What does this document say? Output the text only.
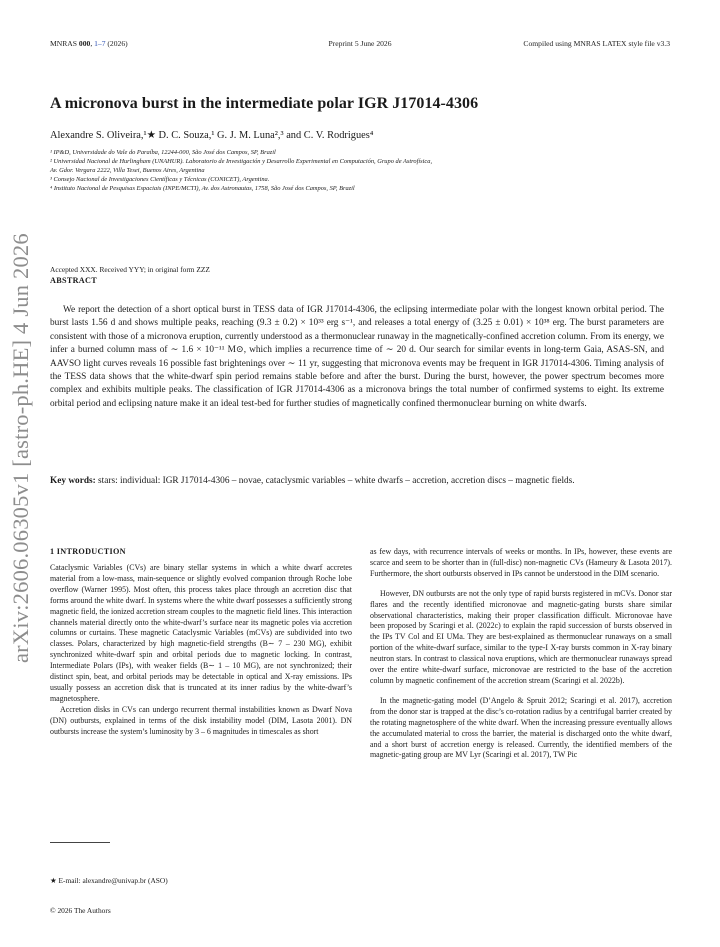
MNRAS 000, 1–7 (2026)	Preprint 5 June 2026	Compiled using MNRAS LATEX style file v3.3
A micronova burst in the intermediate polar IGR J17014-4306
Alexandre S. Oliveira,¹★ D. C. Souza,¹ G. J. M. Luna²,³ and C. V. Rodrigues⁴
¹ IP&D, Universidade do Vale do Paraíba, 12244-000, São José dos Campos, SP, Brazil
² Universidad Nacional de Hurlingham (UNAHUR). Laboratorio de Investigación y Desarrollo Experimental en Computación, Grupo de Astrofísica,
Av. Gdor. Vergara 2222, Villa Tesei, Buenos Aires, Argentina
³ Consejo Nacional de Investigaciones Científicas y Técnicas (CONICET), Argentina.
⁴ Instituto Nacional de Pesquisas Espaciais (INPE/MCTI), Av. dos Astronautas, 1758, São José dos Campos, SP, Brazil
Accepted XXX. Received YYY; in original form ZZZ
ABSTRACT
We report the detection of a short optical burst in TESS data of IGR J17014-4306, the eclipsing intermediate polar with the longest known orbital period. The burst lasts 1.56 d and shows multiple peaks, reaching (9.3 ± 0.2) × 10³³ erg s⁻¹, and releases a total energy of (3.25 ± 0.01) × 10³⁸ erg. The burst parameters are consistent with those of a micronova eruption, currently understood as a thermonuclear runaway in the magnetically-confined accretion column. From its energy, we infer a burned column mass of ∼ 1.6 × 10⁻¹¹ M⊙, which implies a recurrence time of ∼ 20 d. Our search for similar events in long-term Gaia, ASAS-SN, and AAVSO light curves reveals 16 possible fast brightenings over ∼ 11 yr, suggesting that micronova events may be frequent in IGR J17014-4306. Timing analysis of the TESS data shows that the white-dwarf spin period remains stable before and after the burst. During the burst, however, the power spectrum becomes more complex and exhibits multiple peaks. The classification of IGR J17014-4306 as a micronova brings the total number of confirmed systems to eight. Its extreme orbital period and eclipsing nature make it an ideal test-bed for further studies of magnetically confined thermonuclear burning on white dwarfs.
Key words: stars: individual: IGR J17014-4306 – novae, cataclysmic variables – white dwarfs – accretion, accretion discs – magnetic fields.
arXiv:2606.06305v1 [astro-ph.HE] 4 Jun 2026 1 INTRODUCTION

Cataclysmic Variables (CVs) are binary stellar systems in which a white dwarf accretes material from a low-mass, main-sequence or slightly evolved companion through Roche lobe overflow (Warner 1995). Most often, this process takes place through an accretion disc that forms around the white dwarf. In systems where the white dwarf possesses a sufficiently strong magnetic field, the ionized accretion stream couples to the magnetic field lines. This interaction channels material directly onto the white-dwarf’s surface near its magnetic poles via accretion columns or curtains. These magnetic Cataclysmic Variables (mCVs) are subdivided into two classes. Polars, characterized by high magnetic-field strengths (B∼ 7 – 230 MG), exhibit synchronized white-dwarf spin and orbital periods due to magnetic locking. In contrast, Intermediate Polars (IPs), with weaker fields (B∼ 1 – 10 MG), are not synchronized; their distinct spin, beat, and orbital periods may be detectable in optical and X-ray emissions. IPs usually possess an accretion disk that is truncated at its inner radius by the white-dwarf’s magnetosphere.

Accretion disks in CVs can undergo recurrent thermal instabilities known as Dwarf Nova (DN) outbursts, explained in terms of the disk instability model (DIM, Lasota 2001). DN outbursts increase the system’s luminosity by 3 – 6 magnitudes in timescales as short

as few days, with recurrence intervals of weeks or months. In IPs, however, these events are scarce and seem to be shorter than in (full-disc) non-magnetic CVs (Hameury & Lasota 2017). Furthermore, the short outbursts observed in IPs cannot be understood in the DIM scenario.

However, DN outbursts are not the only type of rapid bursts registered in mCVs. Donor star flares and the recently identified micronovae and magnetic-gating bursts share similar observational characteristics, making their proper classification difficult. Micronovae have been proposed by Scaringi et al. (2022c) to explain the rapid succession of bursts observed in the IPs TV Col and EI UMa. They are best-explained as thermonuclear runaways on a small portion of the white-dwarf surface, similar to the type-I X-ray bursts common in X-ray binary neutron stars. In contrast to classical nova eruptions, which are thermonuclear runaways spread over the entire white-dwarf surface, micronovae are restricted to the base of the accretion column by magnetic confinement of the accretion stream (Scaringi et al. 2022b).

In the magnetic-gating model (D’Angelo & Spruit 2012; Scaringi et al. 2017), accretion from the donor star is trapped at the disc’s co-rotation radius by a centrifugal barrier created by the rotating magnetosphere of the white dwarf. When the increasing pressure eventually allows the accumulated material to cross the barrier, the material is discharged onto the white dwarf, and a short burst of accretion energy is released. Currently, the identified members of the magnetic-gating group are MV Lyr (Scaringi et al. 2017), TW Pic

★ E-mail: alexandre@univap.br (ASO)
© 2026 The Authors
